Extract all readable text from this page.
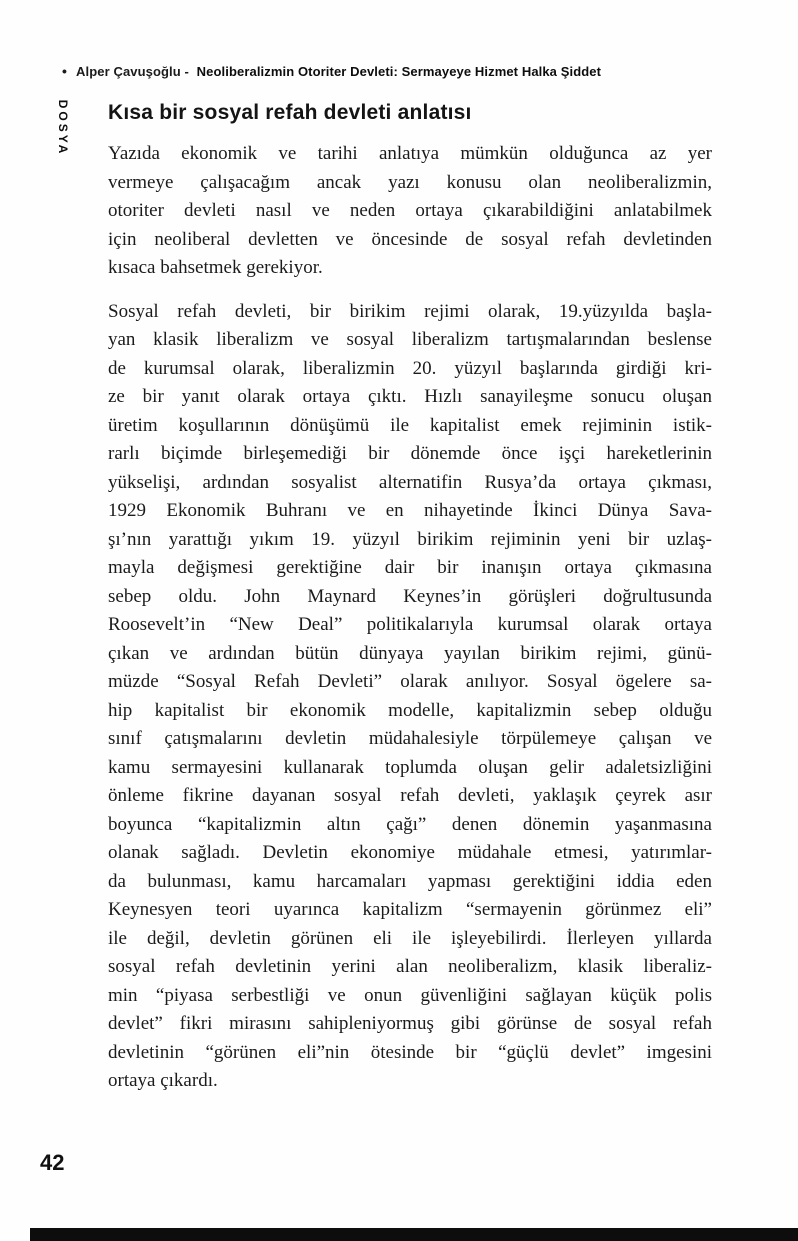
• Alper Çavuşoğlu - Neoliberalizmin Otoriter Devleti: Sermayeye Hizmet Halka Şiddet
DOSYA Kısa bir sosyal refah devleti anlatısı
Yazıda ekonomik ve tarihi anlatıya mümkün olduğunca az yer
vermeye çalışacağım ancak yazı konusu olan neoliberalizmin,
otoriter devleti nasıl ve neden ortaya çıkarabildiğini anlatabilmek
için neoliberal devletten ve öncesinde de sosyal refah devletinden
kısaca bahsetmek gerekiyor.
Sosyal refah devleti, bir birikim rejimi olarak, 19.yüzyılda başla-
yan klasik liberalizm ve sosyal liberalizm tartışmalarından beslense
de kurumsal olarak, liberalizmin 20. yüzyıl başlarında girdiği kri-
ze bir yanıt olarak ortaya çıktı. Hızlı sanayileşme sonucu oluşan
üretim koşullarının dönüşümü ile kapitalist emek rejiminin istik-
rarlı biçimde birleşemediği bir dönemde önce işçi hareketlerinin
yükselişi, ardından sosyalist alternatifin Rusya’da ortaya çıkması,
1929 Ekonomik Buhranı ve en nihayetinde İkinci Dünya Sava-
şı’nın yarattığı yıkım 19. yüzyıl birikim rejiminin yeni bir uzlaş-
mayla değişmesi gerektiğine dair bir inanışın ortaya çıkmasına
sebep oldu. John Maynard Keynes’in görüşleri doğrultusunda
Roosevelt’in “New Deal” politikalarıyla kurumsal olarak ortaya
çıkan ve ardından bütün dünyaya yayılan birikim rejimi, günü-
müzde “Sosyal Refah Devleti” olarak anılıyor. Sosyal ögelere sa-
hip kapitalist bir ekonomik modelle, kapitalizmin sebep olduğu
sınıf çatışmalarını devletin müdahalesiyle törpülemeye çalışan ve
kamu sermayesini kullanarak toplumda oluşan gelir adaletsizliğini
önleme fikrine dayanan sosyal refah devleti, yaklaşık çeyrek asır
boyunca “kapitalizmin altın çağı” denen dönemin yaşanmasına
olanak sağladı. Devletin ekonomiye müdahale etmesi, yatırımlar-
da bulunması, kamu harcamaları yapması gerektiğini iddia eden
Keynesyen teori uyarınca kapitalizm “sermayenin görünmez eli”
ile değil, devletin görünen eli ile işleyebilirdi. İlerleyen yıllarda
sosyal refah devletinin yerini alan neoliberalizm, klasik liberaliz-
min “piyasa serbestliği ve onun güvenliğini sağlayan küçük polis
devlet” fikri mirasını sahipleniyormuş gibi görünse de sosyal refah
devletinin “görünen eli”nin ötesinde bir “güçlü devlet” imgesini
ortaya çıkardı.
42
